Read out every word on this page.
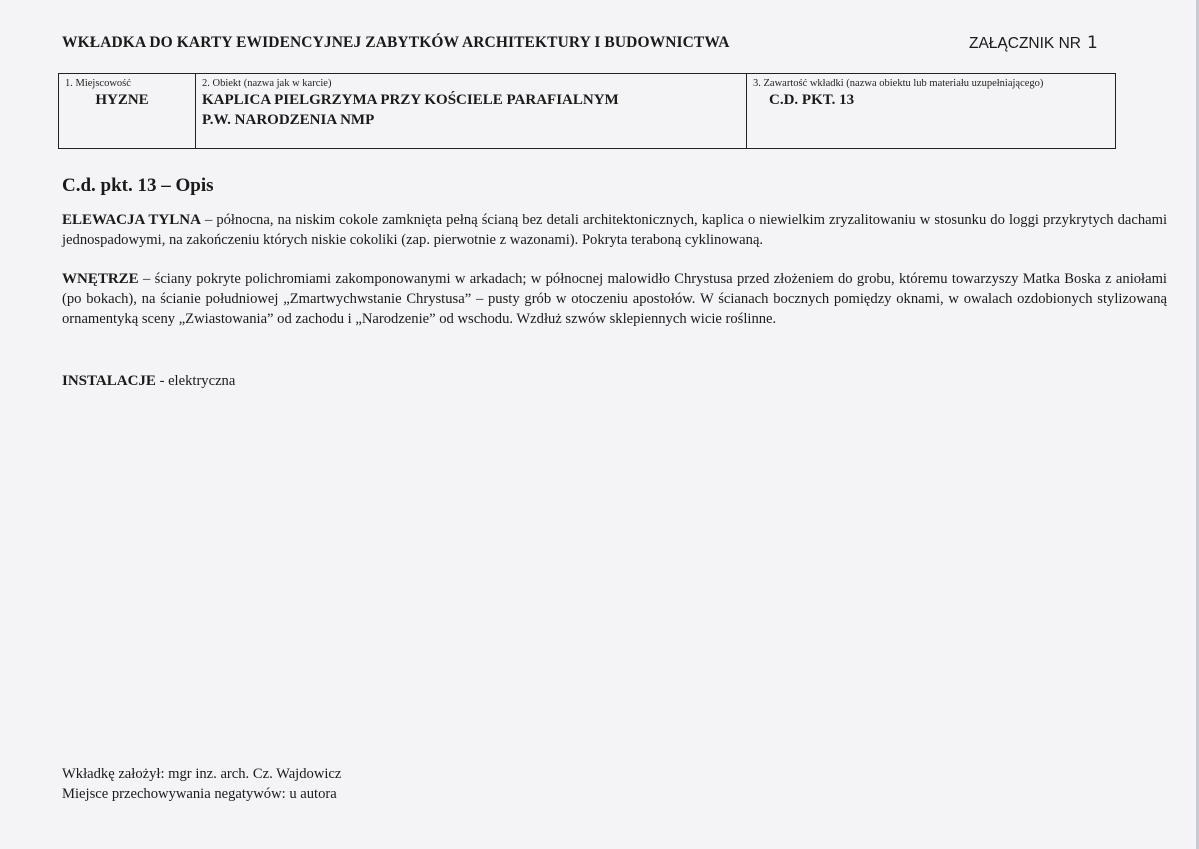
WKŁADKA DO KARTY EWIDENCYJNEJ ZABYTKÓW ARCHITEKTURY I BUDOWNICTWA	ZAŁĄCZNIK NR 1
1. Miejscowość
HYZNE
2. Obiekt (nazwa jak w karcie)
KAPLICA PIELGRZYMA PRZY KOŚCIELE PARAFIALNYM
P.W. NARODZENIA NMP
3. Zawartość wkładki (nazwa obiektu lub materiału uzupełniającego)
C.D. PKT. 13
C.d. pkt. 13 – Opis
ELEWACJA TYLNA – północna, na niskim cokole zamknięta pełną ścianą bez detali architektonicznych, kaplica o niewielkim zryzalitowaniu w stosunku do loggi przykrytych dachami jednospadowymi, na zakończeniu których niskie cokoliki (zap. pierwotnie z wazonami). Pokryta teraboną cyklinowaną.
WNĘTRZE – ściany pokryte polichromiami zakomponowanymi w arkadach; w północnej malowidło Chrystusa przed złożeniem do grobu, któremu towarzyszy Matka Boska z aniołami (po bokach), na ścianie południowej „Zmartwychwstanie Chrystusa” – pusty grób w otoczeniu apostołów. W ścianach bocznych pomiędzy oknami, w owalach ozdobionych stylizowaną ornamentyką sceny „Zwiastowania” od zachodu i „Narodzenie” od wschodu. Wzdłuż szwów sklepiennych wicie roślinne.
INSTALACJE - elektryczna
Wkładkę założył: mgr inz. arch. Cz. Wajdowicz
Miejsce przechowywania negatywów: u autora
